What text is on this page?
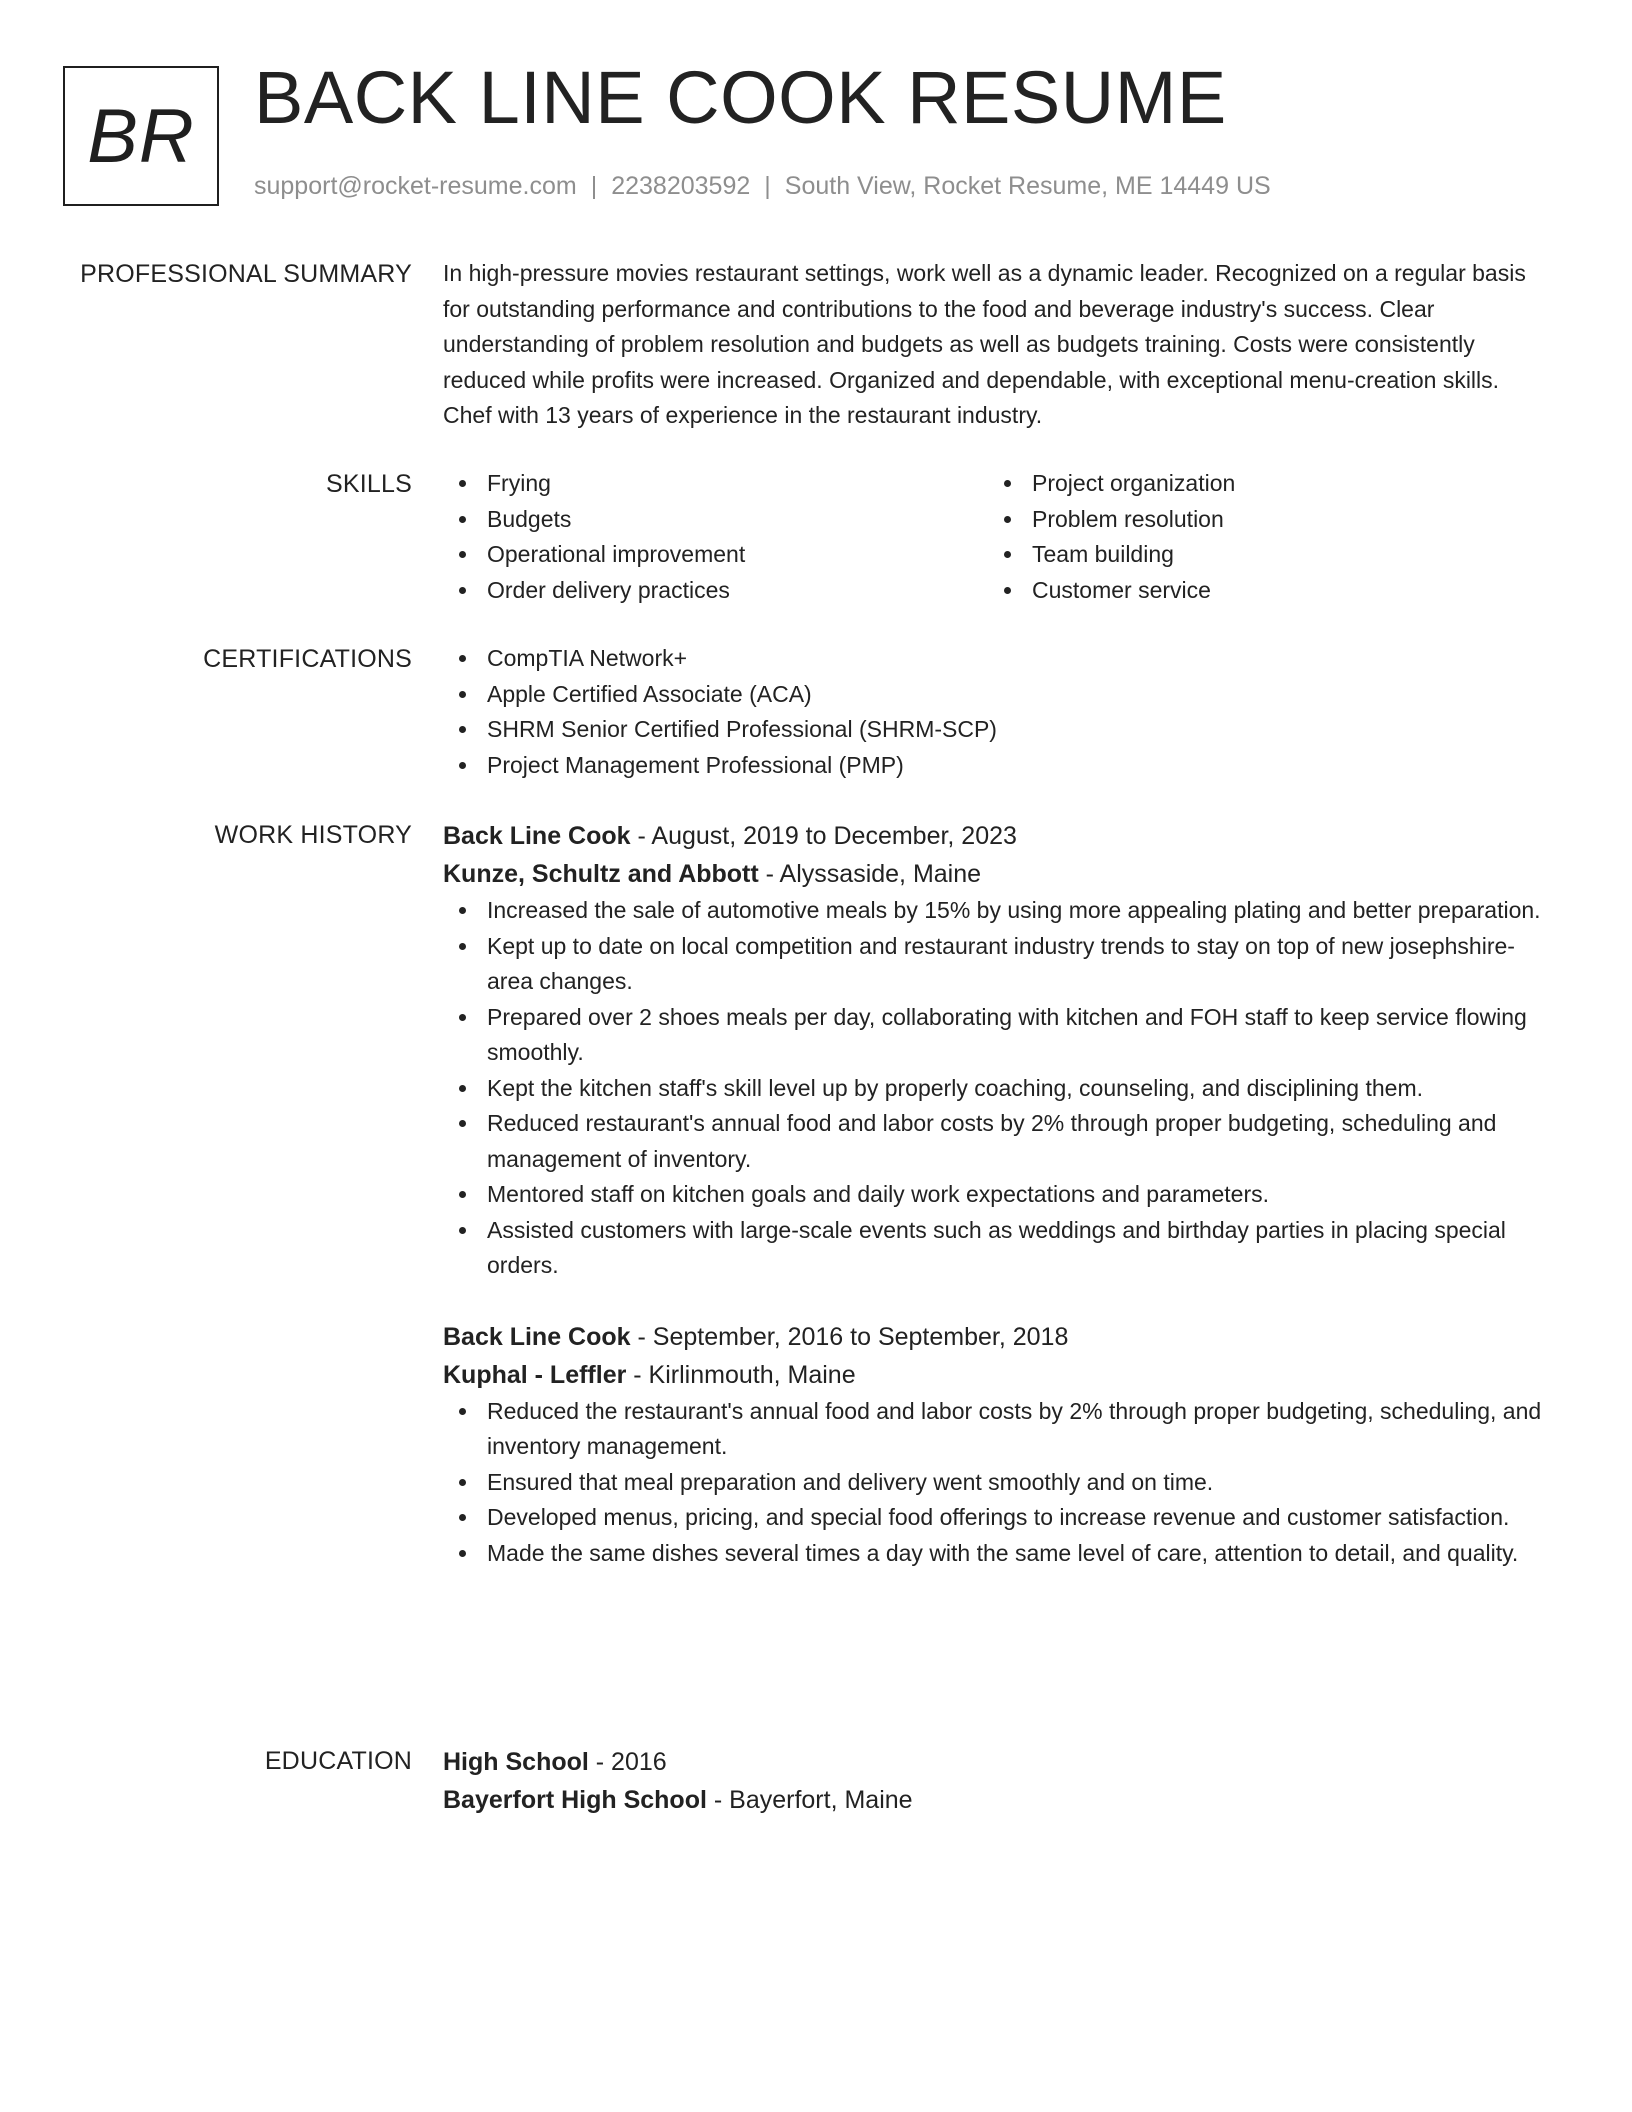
BR BACK LINE COOK RESUME
support@rocket-resume.com | 2238203592 | South View, Rocket Resume, ME 14449 US
PROFESSIONAL SUMMARY In high-pressure movies restaurant settings, work well as a dynamic leader. Recognized on a regular basis for outstanding performance and contributions to the food and beverage industry's success. Clear understanding of problem resolution and budgets as well as budgets training. Costs were consistently reduced while profits were increased. Organized and dependable, with exceptional menu-creation skills. Chef with 13 years of experience in the restaurant industry.

SKILLS	Frying
Budgets
Operational improvement
Order delivery practices
Project organization
Problem resolution
Team building
Customer service
CERTIFICATIONS	CompTIA Network+
Apple Certified Associate (ACA)
SHRM Senior Certified Professional (SHRM-SCP)
Project Management Professional (PMP)
WORK HISTORY Back Line Cook - August, 2019 to December, 2023
Kunze, Schultz and Abbott - Alyssaside, Maine
Increased the sale of automotive meals by 15% by using more appealing plating and better preparation.
Kept up to date on local competition and restaurant industry trends to stay on top of new josephshire-area changes.
Prepared over 2 shoes meals per day, collaborating with kitchen and FOH staff to keep service flowing smoothly.
Kept the kitchen staff's skill level up by properly coaching, counseling, and disciplining them.
Reduced restaurant's annual food and labor costs by 2% through proper budgeting, scheduling and management of inventory.
Mentored staff on kitchen goals and daily work expectations and parameters.
Assisted customers with large-scale events such as weddings and birthday parties in placing special orders.
Back Line Cook - September, 2016 to September, 2018
Kuphal - Leffler - Kirlinmouth, Maine
Reduced the restaurant's annual food and labor costs by 2% through proper budgeting, scheduling, and inventory management.
Ensured that meal preparation and delivery went smoothly and on time.
Developed menus, pricing, and special food offerings to increase revenue and customer satisfaction.
Made the same dishes several times a day with the same level of care, attention to detail, and quality.
EDUCATION High School - 2016
Bayerfort High School - Bayerfort, Maine
